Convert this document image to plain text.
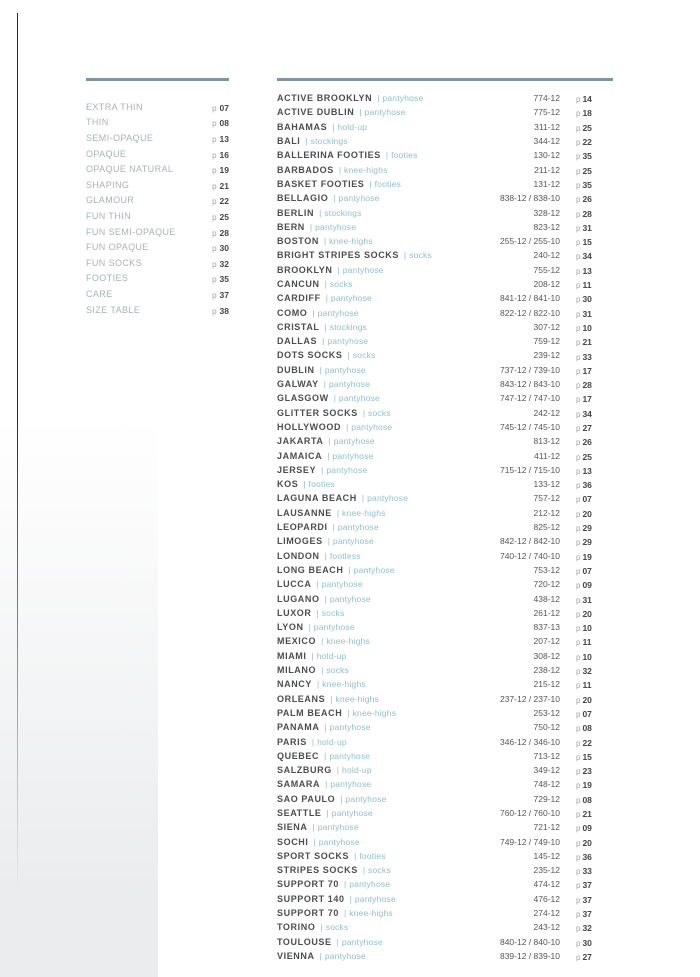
EXTRA THIN	p 07
THIN	p 08
SEMI-OPAQUE	p 13
OPAQUE	p 16
OPAQUE NATURAL	p 19
SHAPING	p 21
GLAMOUR	p 22
FUN THIN	p 25
FUN SEMI-OPAQUE	p 28
FUN OPAQUE	p 30
FUN SOCKS	p 32
FOOTIES	p 35
CARE	p 37
SIZE TABLE	p 38
ACTIVE BROOKLYN | pantyhose	774-12	p 14
ACTIVE DUBLIN | pantyhose	775-12	p 18
BAHAMAS | hold-up	311-12	p 25
BALI | stockings	344-12	p 22
BALLERINA FOOTIES | footies	130-12	p 35
BARBADOS | knee-highs	211-12	p 25
BASKET FOOTIES | footies	131-12	p 35
BELLAGIO | pantyhose	838-12 / 838-10	p 26
BERLIN | stockings	328-12	p 28
BERN | pantyhose	823-12	p 31
BOSTON | knee-highs	255-12 / 255-10	p 15
BRIGHT STRIPES SOCKS | socks	240-12	p 34
BROOKLYN | pantyhose	755-12	p 13
CANCUN | socks	208-12	p 11
CARDIFF | pantyhose	841-12 / 841-10	p 30
COMO | pantyhose	822-12 / 822-10	p 31
CRISTAL | stockings	307-12	p 10
DALLAS | pantyhose	759-12	p 21
DOTS SOCKS | socks	239-12	p 33
DUBLIN | pantyhose	737-12 / 739-10	p 17
GALWAY | pantyhose	843-12 / 843-10	p 28
GLASGOW | pantyhose	747-12 / 747-10	p 17
GLITTER SOCKS | socks	242-12	p 34
HOLLYWOOD | pantyhose	745-12 / 745-10	p 27
JAKARTA | pantyhose	813-12	p 26
JAMAICA | pantyhose	411-12	p 25
JERSEY | pantyhose	715-12 / 715-10	p 13
KOS | footies	133-12	p 36
LAGUNA BEACH | pantyhose	757-12	p 07
LAUSANNE | knee-highs	212-12	p 20
LEOPARDI | pantyhose	825-12	p 29
LIMOGES | pantyhose	842-12 / 842-10	p 29
LONDON | footless	740-12 / 740-10	p 19
LONG BEACH | pantyhose	753-12	p 07
LUCCA | pantyhose	720-12	p 09
LUGANO | pantyhose	438-12	p 31
LUXOR | socks	261-12	p 20
LYON | pantyhose	837-13	p 10
MEXICO | knee-highs	207-12	p 11
MIAMI | hold-up	308-12	p 10
MILANO | socks	238-12	p 32
NANCY | knee-highs	215-12	p 11
ORLEANS | knee-highs	237-12 / 237-10	p 20
PALM BEACH | knee-highs	253-12	p 07
PANAMA | pantyhose	750-12	p 08
PARIS | hold-up	346-12 / 346-10	p 22
QUEBEC | pantyhose	713-12	p 15
SALZBURG | hold-up	349-12	p 23
SAMARA | pantyhose	748-12	p 19
SAO PAULO | pantyhose	729-12	p 08
SEATTLE | pantyhose	760-12 / 760-10	p 21
SIENA | pantyhose	721-12	p 09
SOCHI | pantyhose	749-12 / 749-10	p 20
SPORT SOCKS | footies	145-12	p 36
STRIPES SOCKS | socks	235-12	p 33
SUPPORT 70 | pantyhose	474-12	p 37
SUPPORT 140 | pantyhose	476-12	p 37
SUPPORT 70 | knee-highs	274-12	p 37
TORINO | socks	243-12	p 32
TOULOUSE | pantyhose	840-12 / 840-10	p 30
VIENNA | pantyhose	839-12 / 839-10	p 27
